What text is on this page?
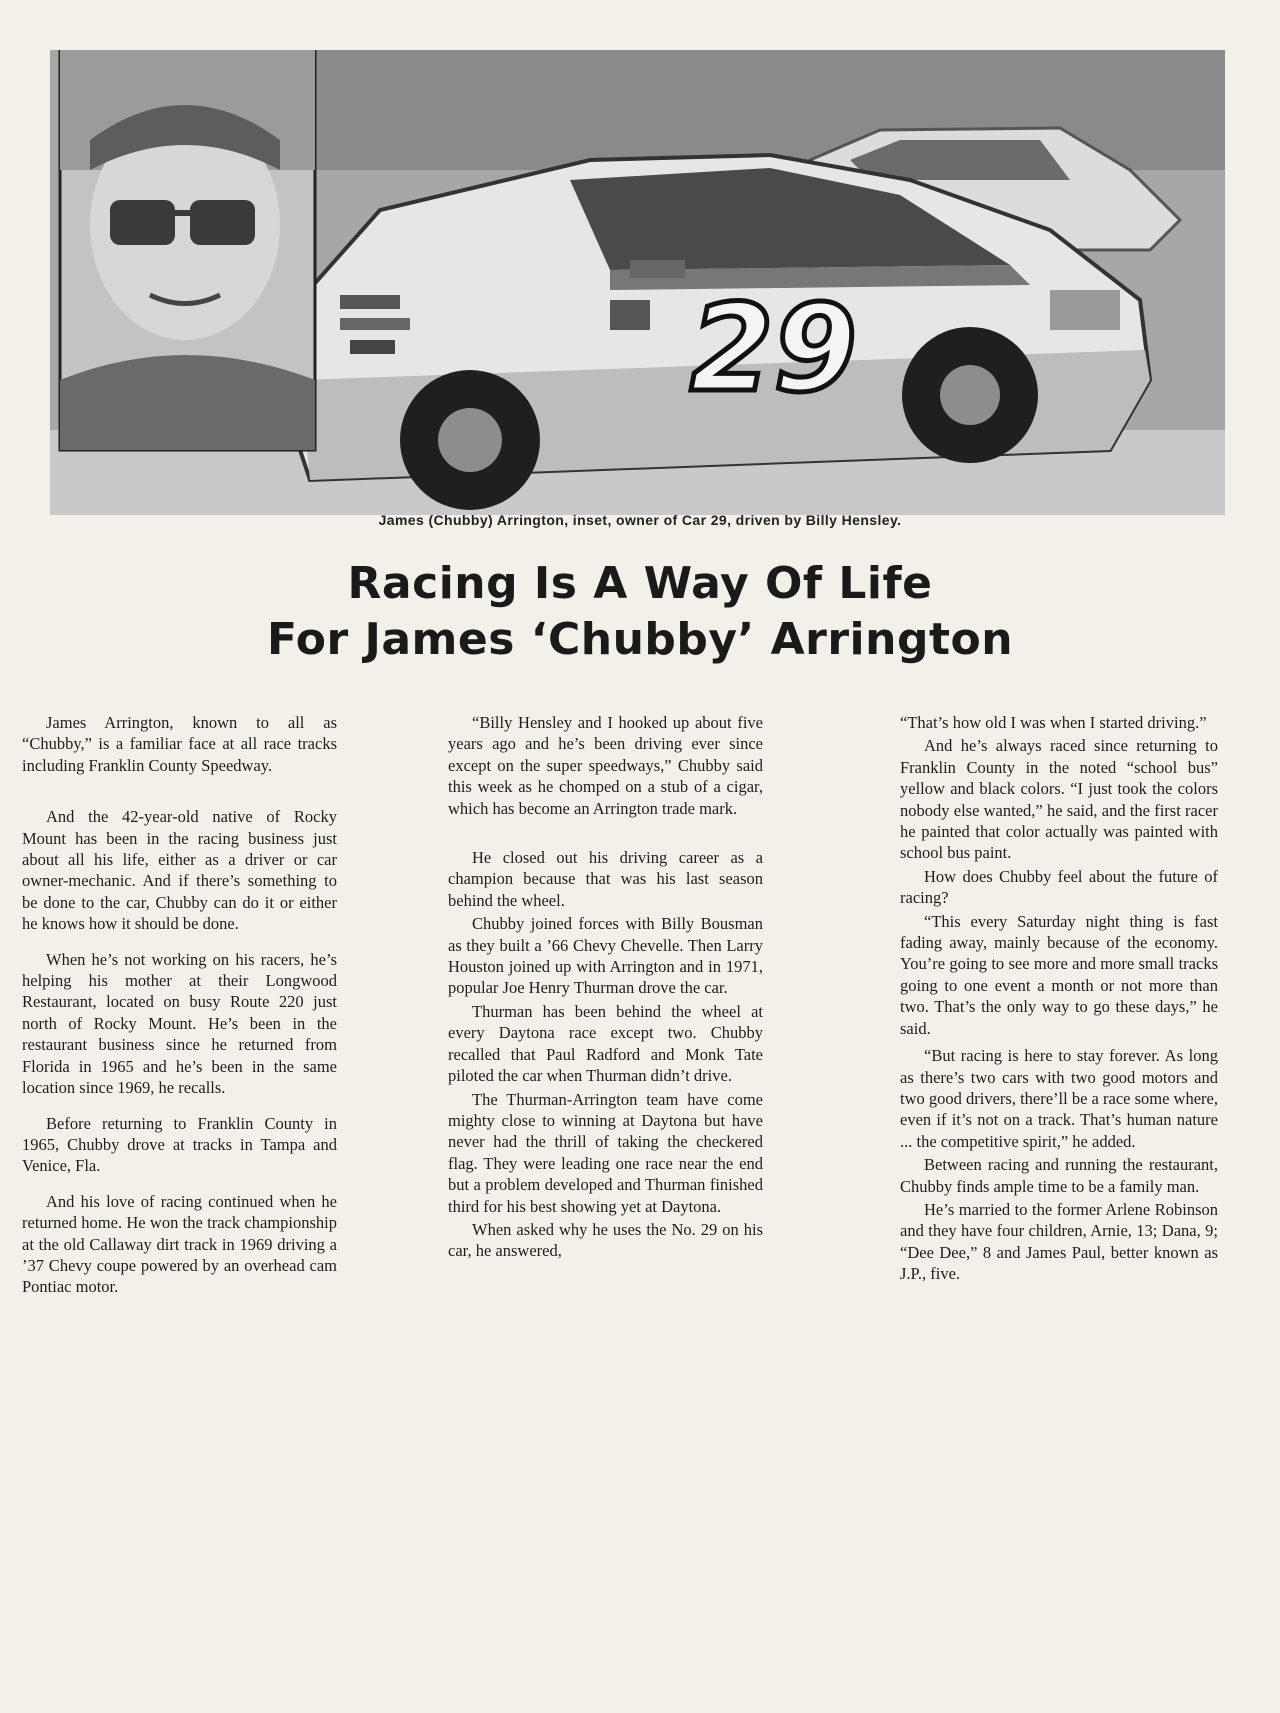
29
James (Chubby) Arrington, inset, owner of Car 29, driven by Billy Hensley.
Racing Is A Way Of Life
For James ‘Chubby’ Arrington

James Arrington, known to all as “Chubby,” is a familiar face at all race tracks including Franklin County Speedway.

And the 42-year-old native of Rocky Mount has been in the racing business just about all his life, either as a driver or car owner-mechanic. And if there’s something to be done to the car, Chubby can do it or either he knows how it should be done.

When he’s not working on his racers, he’s helping his mother at their Longwood Restaurant, located on busy Route 220 just north of Rocky Mount. He’s been in the restaurant business since he returned from Florida in 1965 and he’s been in the same location since 1969, he recalls.

Before returning to Franklin County in 1965, Chubby drove at tracks in Tampa and Venice, Fla.

And his love of racing continued when he returned home. He won the track championship at the old Callaway dirt track in 1969 driving a ’37 Chevy coupe powered by an overhead cam Pontiac motor.

“Billy Hensley and I hooked up about five years ago and he’s been driving ever since except on the super speedways,” Chubby said this week as he chomped on a stub of a cigar, which has become an Arrington trade mark.

He closed out his driving career as a champion because that was his last season behind the wheel.

Chubby joined forces with Billy Bousman as they built a ’66 Chevy Chevelle. Then Larry Houston joined up with Arrington and in 1971, popular Joe Henry Thurman drove the car.

Thurman has been behind the wheel at every Daytona race except two. Chubby recalled that Paul Radford and Monk Tate piloted the car when Thurman didn’t drive.

The Thurman-Arrington team have come mighty close to winning at Daytona but have never had the thrill of taking the checkered flag. They were leading one race near the end but a problem developed and Thurman finished third for his best showing yet at Daytona.

When asked why he uses the No. 29 on his car, he answered,

“That’s how old I was when I started driving.”

And he’s always raced since returning to Franklin County in the noted “school bus” yellow and black colors. “I just took the colors nobody else wanted,” he said, and the first racer he painted that color actually was painted with school bus paint.

How does Chubby feel about the future of racing?

“This every Saturday night thing is fast fading away, mainly because of the economy. You’re going to see more and more small tracks going to one event a month or not more than two. That’s the only way to go these days,” he said.

“But racing is here to stay forever. As long as there’s two cars with two good motors and two good drivers, there’ll be a race some where, even if it’s not on a track. That’s human nature ... the competitive spirit,” he added.

Between racing and running the restaurant, Chubby finds ample time to be a family man.

He’s married to the former Arlene Robinson and they have four children, Arnie, 13; Dana, 9; “Dee Dee,” 8 and James Paul, better known as J.P., five.
